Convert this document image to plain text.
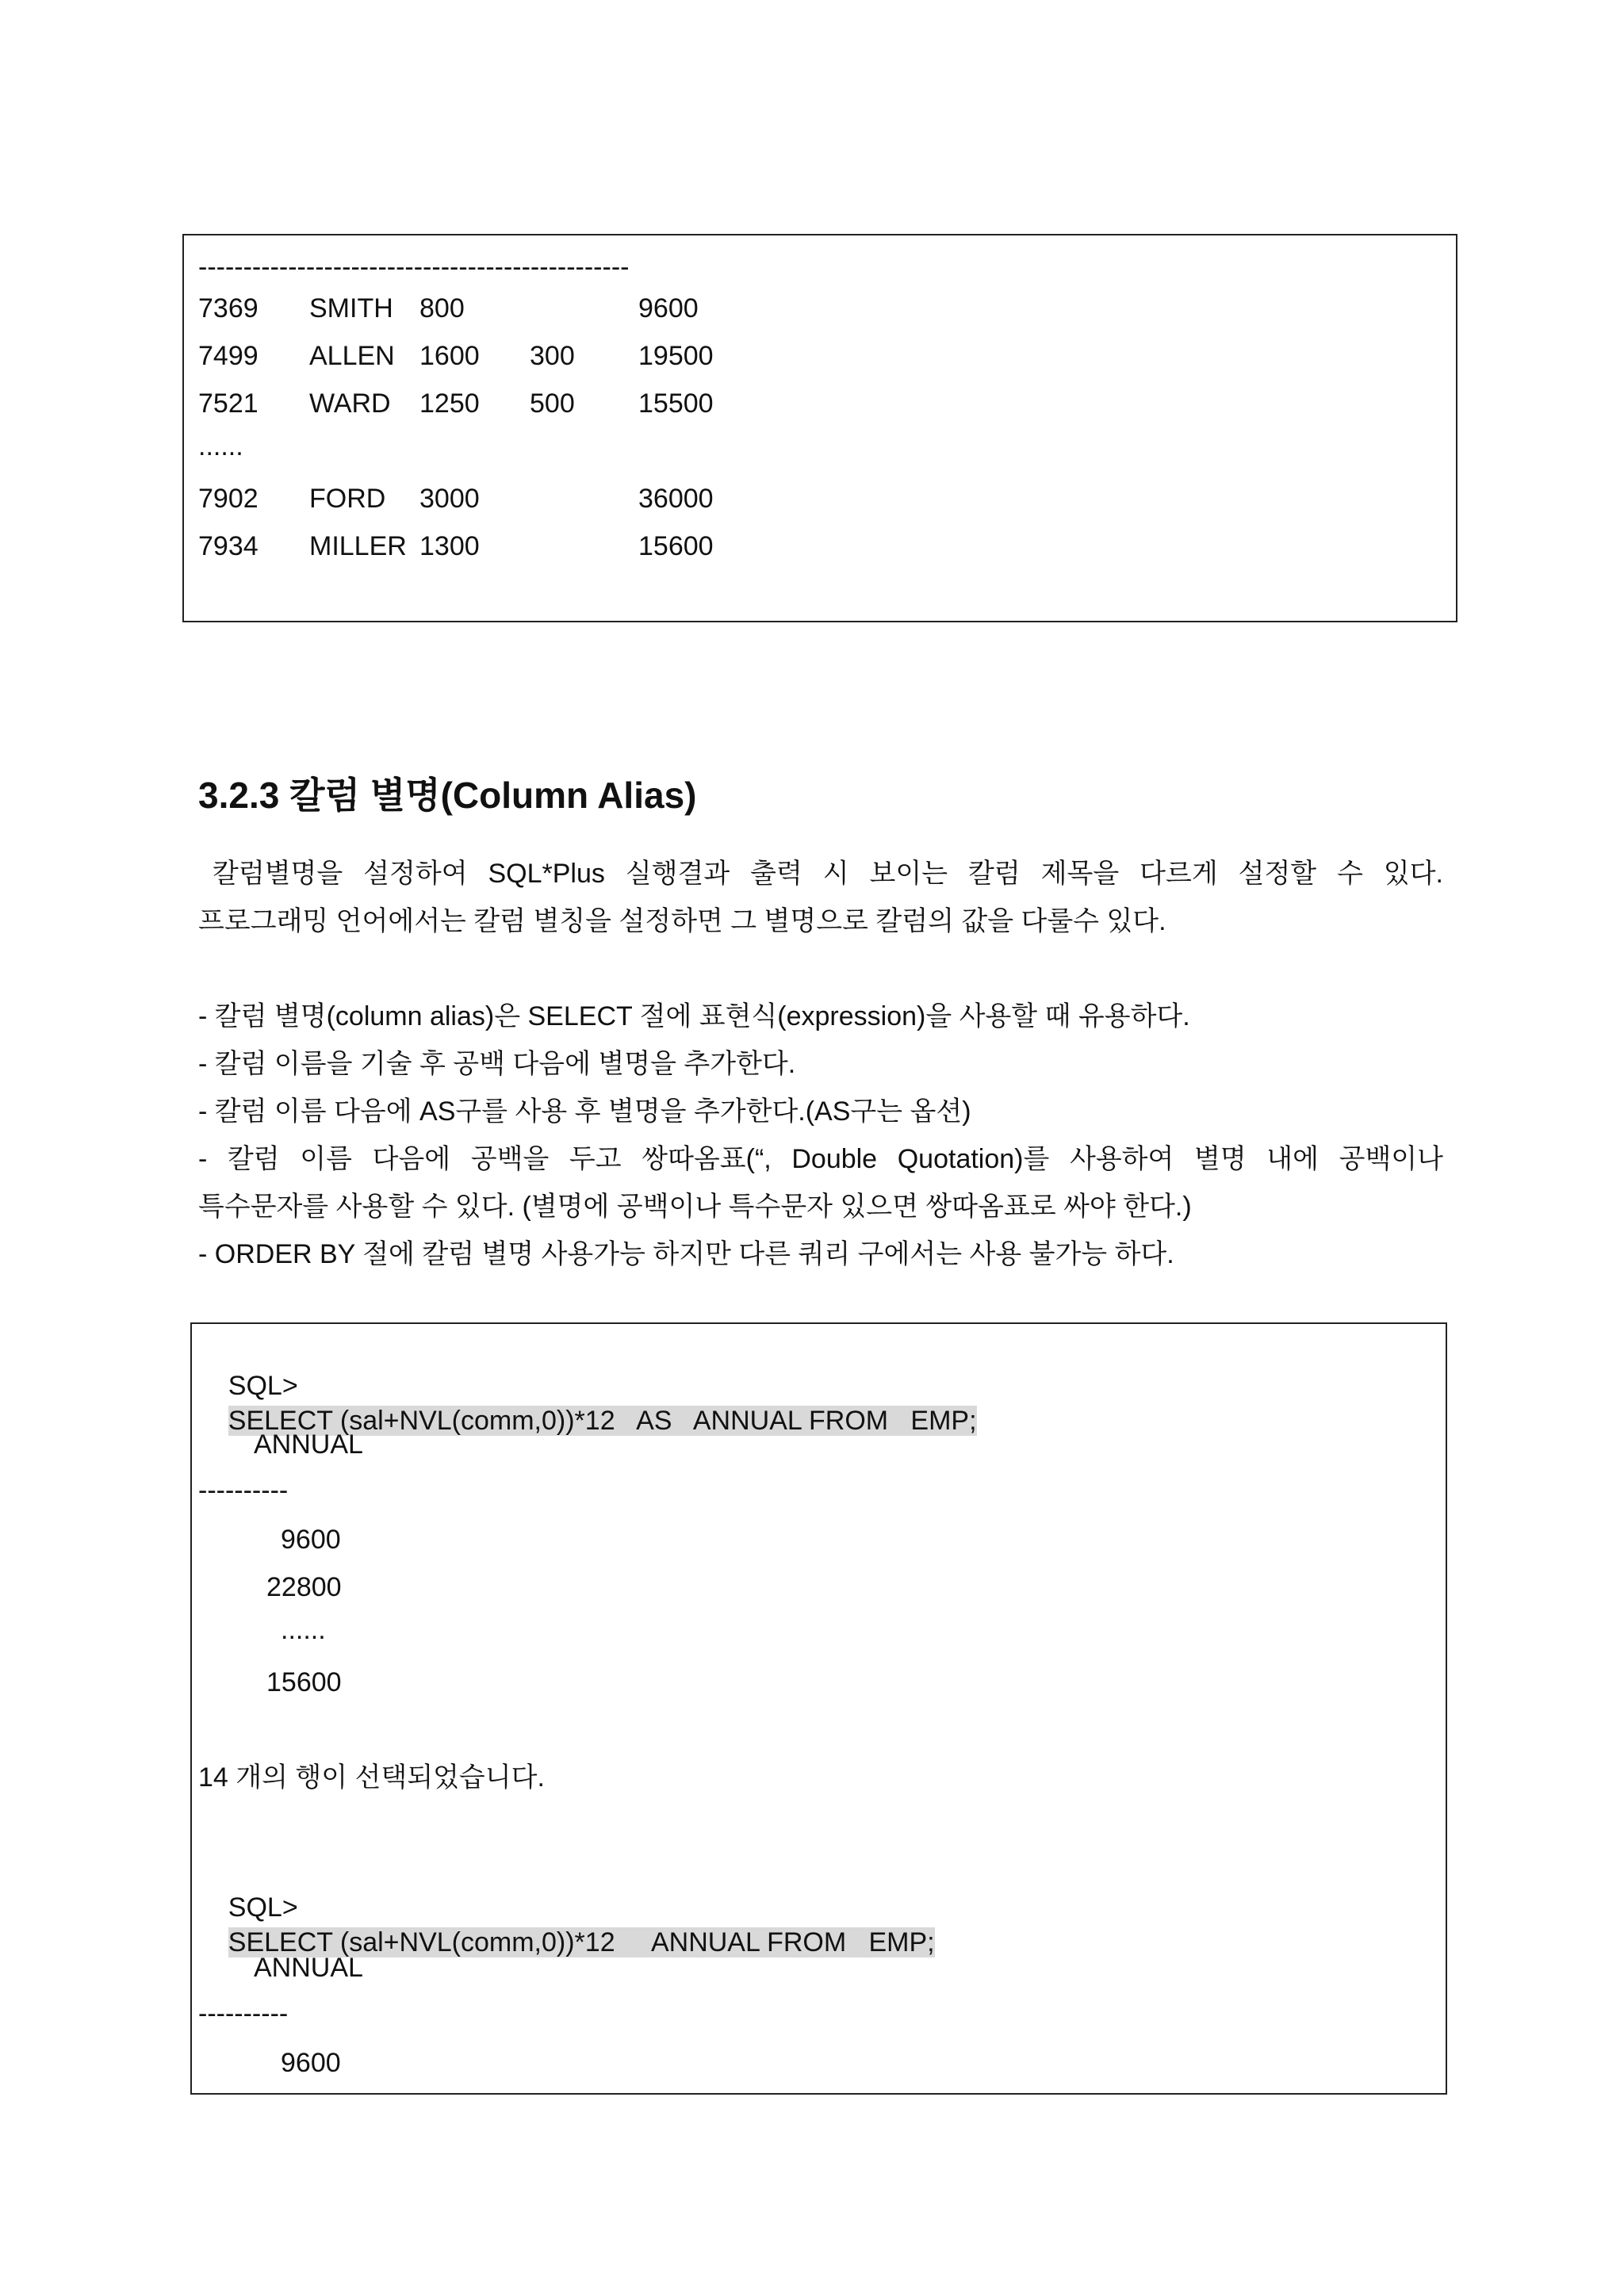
------------------------------------------------
7369 SMITH 800	9600
7499 ALLEN 1600 300 19500
7521 WARD 1250 500 15500
......
7902 FORD 3000	36000
7934 MILLER 1300	15600
3.2.3 칼럼 별명(Column Alias)
칼럼별명을 설정하여 SQL*Plus 실행결과 출력 시 보이는 칼럼 제목을 다르게 설정할 수 있다.
프로그래밍 언어에서는 칼럼 별칭을 설정하면 그 별명으로 칼럼의 값을 다룰수 있다.
- 칼럼 별명(column alias)은 SELECT 절에 표현식(expression)을 사용할 때 유용하다.
- 칼럼 이름을 기술 후 공백 다음에 별명을 추가한다.
- 칼럼 이름 다음에 AS구를 사용 후 별명을 추가한다.(AS구는 옵션)
- 칼럼 이름 다음에 공백을 두고 쌍따옴표(“, Double Quotation)를 사용하여 별명 내에 공백이나
특수문자를 사용할 수 있다. (별명에 공백이나 특수문자 있으면 쌍따옴표로 싸야 한다.)
- ORDER BY 절에 칼럼 별명 사용가능 하지만 다른 쿼리 구에서는 사용 불가능 하다.

SQL>
SELECT (sal+NVL(comm,0))*12   AS   ANNUAL FROM   EMP;

ANNUAL
----------
9600
22800
......
15600
14 개의 행이 선택되었습니다.

SQL>
SELECT (sal+NVL(comm,0))*12     ANNUAL FROM   EMP;

ANNUAL
----------
9600
